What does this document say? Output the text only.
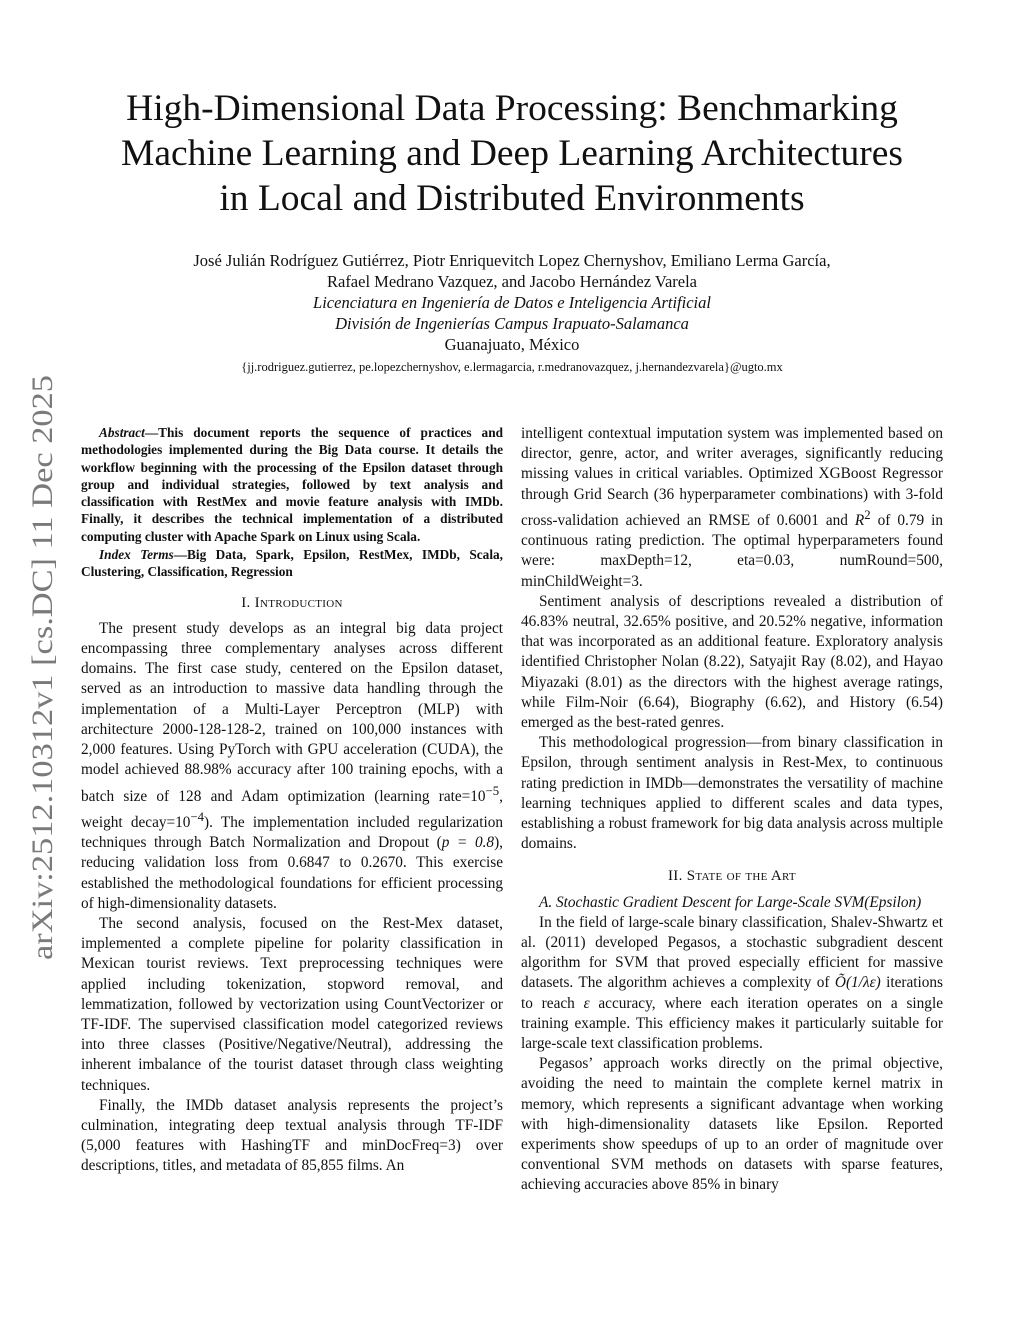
arXiv:2512.10312v1 [cs.DC] 11 Dec 2025
High-Dimensional Data Processing: Benchmarking
Machine Learning and Deep Learning Architectures
in Local and Distributed Environments
José Julián Rodríguez Gutiérrez, Piotr Enriquevitch Lopez Chernyshov, Emiliano Lerma García,
Rafael Medrano Vazquez, and Jacobo Hernández Varela
Licenciatura en Ingeniería de Datos e Inteligencia Artificial
División de Ingenierías Campus Irapuato-Salamanca
Guanajuato, México
{jj.rodriguez.gutierrez, pe.lopezchernyshov, e.lermagarcia, r.medranovazquez, j.hernandezvarela}@ugto.mx

Abstract—This document reports the sequence of practices and methodologies implemented during the Big Data course. It details the workflow beginning with the processing of the Epsilon dataset through group and individual strategies, followed by text analysis and classification with RestMex and movie feature analysis with IMDb. Finally, it describes the technical implementation of a distributed computing cluster with Apache Spark on Linux using Scala.

Index Terms—Big Data, Spark, Epsilon, RestMex, IMDb, Scala, Clustering, Classification, Regression

I. Introduction

The present study develops as an integral big data project encompassing three complementary analyses across different domains. The first case study, centered on the Epsilon dataset, served as an introduction to massive data handling through the implementation of a Multi-Layer Perceptron (MLP) with architecture 2000-128-128-2, trained on 100,000 instances with 2,000 features. Using PyTorch with GPU acceleration (CUDA), the model achieved 88.98% accuracy after 100 training epochs, with a batch size of 128 and Adam optimization (learning $rate=10^{-5}$, weight $decay=10^{-4}$). The implementation included regularization techniques through Batch Normalization and Dropout (p = 0.8), reducing validation loss from 0.6847 to 0.2670. This exercise established the methodological foundations for efficient processing of high-dimensionality datasets.

The second analysis, focused on the Rest-Mex dataset, implemented a complete pipeline for polarity classification in Mexican tourist reviews. Text preprocessing techniques were applied including tokenization, stopword removal, and lemmatization, followed by vectorization using CountVectorizer or TF-IDF. The supervised classification model categorized reviews into three classes (Positive/Negative/Neutral), addressing the inherent imbalance of the tourist dataset through class weighting techniques.

Finally, the IMDb dataset analysis represents the project’s culmination, integrating deep textual analysis through TF-IDF (5,000 features with HashingTF and minDocFreq=3) over descriptions, titles, and metadata of 85,855 films. An

intelligent contextual imputation system was implemented based on director, genre, actor, and writer averages, significantly reducing missing values in critical variables. Optimized XGBoost Regressor through Grid Search (36 hyperparameter combinations) with 3-fold cross-validation achieved an RMSE of 0.6001 and $R^2$ of 0.79 in continuous rating prediction. The optimal hyperparameters found were: maxDepth=12, eta=0.03, numRound=500, minChildWeight=3.

Sentiment analysis of descriptions revealed a distribution of 46.83% neutral, 32.65% positive, and 20.52% negative, information that was incorporated as an additional feature. Exploratory analysis identified Christopher Nolan (8.22), Satyajit Ray (8.02), and Hayao Miyazaki (8.01) as the directors with the highest average ratings, while Film-Noir (6.64), Biography (6.62), and History (6.54) emerged as the best-rated genres.

This methodological progression—from binary classification in Epsilon, through sentiment analysis in Rest-Mex, to continuous rating prediction in IMDb—demonstrates the versatility of machine learning techniques applied to different scales and data types, establishing a robust framework for big data analysis across multiple domains.

II. State of the Art

A. Stochastic Gradient Descent for Large-Scale SVM(Epsilon)

In the field of large-scale binary classification, Shalev-Shwartz et al. (2011) developed Pegasos, a stochastic subgradient descent algorithm for SVM that proved especially efficient for massive datasets. The algorithm achieves a complexity of Õ(1/λε) iterations to reach ε accuracy, where each iteration operates on a single training example. This efficiency makes it particularly suitable for large-scale text classification problems.

Pegasos’ approach works directly on the primal objective, avoiding the need to maintain the complete kernel matrix in memory, which represents a significant advantage when working with high-dimensionality datasets like Epsilon. Reported experiments show speedups of up to an order of magnitude over conventional SVM methods on datasets with sparse features, achieving accuracies above 85% in binary
